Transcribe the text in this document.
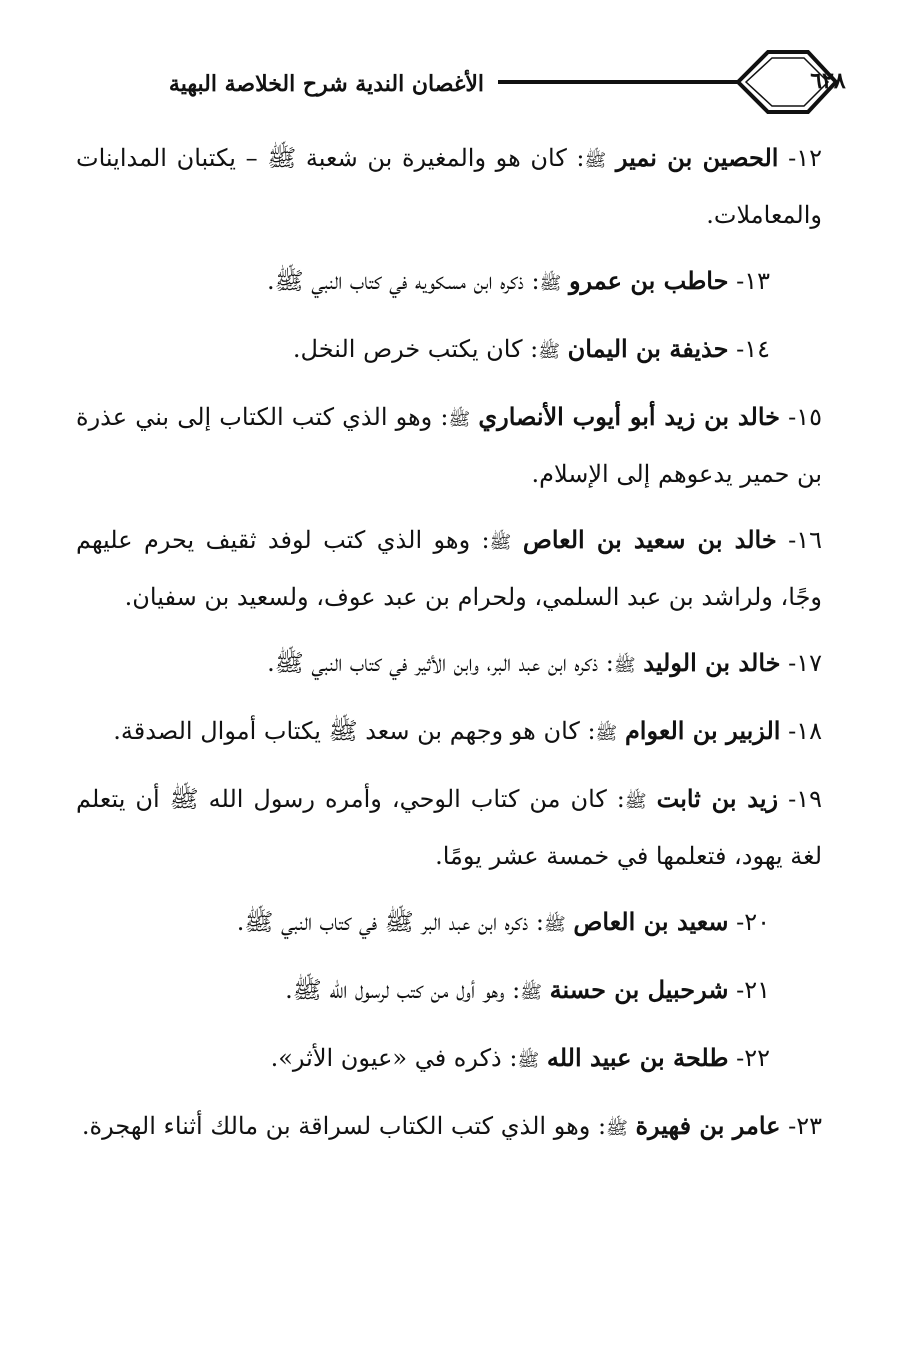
٦٢٨
الأغصان الندية شرح الخلاصة البهية

١٢- الحصين بن نمير ﷺ: كان هو والمغيرة بن شعبة ﷺ – يكتبان المداينات والمعاملات.

١٣- حاطب بن عمرو ﷺ: ذكره ابن مسكويه في كتاب النبي ﷺ.

١٤- حذيفة بن اليمان ﷺ: كان يكتب خرص النخل.

١٥- خالد بن زيد أبو أيوب الأنصاري ﷺ: وهو الذي كتب الكتاب إلى بني عذرة بن حمير يدعوهم إلى الإسلام.

١٦- خالد بن سعيد بن العاص ﷺ: وهو الذي كتب لوفد ثقيف يحرم عليهم وجًا، ولراشد بن عبد السلمي، ولحرام بن عبد عوف، ولسعيد بن سفيان.

١٧- خالد بن الوليد ﷺ: ذكره ابن عبد البر، وابن الأثير في كتاب النبي ﷺ.

١٨- الزبير بن العوام ﷺ: كان هو وجهم بن سعد ﷺ يكتاب أموال الصدقة.

١٩- زيد بن ثابت ﷺ: كان من كتاب الوحي، وأمره رسول الله ﷺ أن يتعلم لغة يهود، فتعلمها في خمسة عشر يومًا.

٢٠- سعيد بن العاص ﷺ: ذكره ابن عبد البر ﷺ في كتاب النبي ﷺ.

٢١- شرحبيل بن حسنة ﷺ: وهو أول من كتب لرسول الله ﷺ.

٢٢- طلحة بن عبيد الله ﷺ: ذكره في «عيون الأثر».

٢٣- عامر بن فهيرة ﷺ: وهو الذي كتب الكتاب لسراقة بن مالك أثناء الهجرة.
